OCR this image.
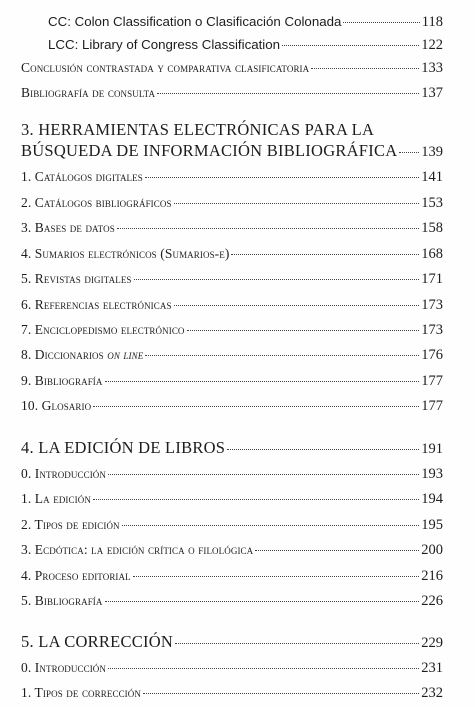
CC: Colon Classification o Clasificación Colonada	118
LCC: Library of Congress Classification	122
Conclusión contrastada y comparativa clasificatoria	133
Bibliografía de consulta	137
3. HERRAMIENTAS ELECTRÓNICAS PARA LA
BÚSQUEDA DE INFORMACIÓN BIBLIOGRÁFICA 139
1. Catálogos digitales	141
2. Catálogos bibliográficos	153
3. Bases de datos	158
4. Sumarios electrónicos (Sumarios-e)	168
5. Revistas digitales	171
6. Referencias electrónicas	173
7. Enciclopedismo electrónico	173
8. Diccionarios on line	176
9. Bibliografía	177
10. Glosario	177
4. LA EDICIÓN DE LIBROS	191
0. Introducción	193
1. La edición	194
2. Tipos de edición	195
3. Ecdótica: la edición crítica o filológica	200
4. Proceso editorial	216
5. Bibliografía	226
5. LA CORRECCIÓN	229
0. Introducción	231
1. Tipos de corrección	232
